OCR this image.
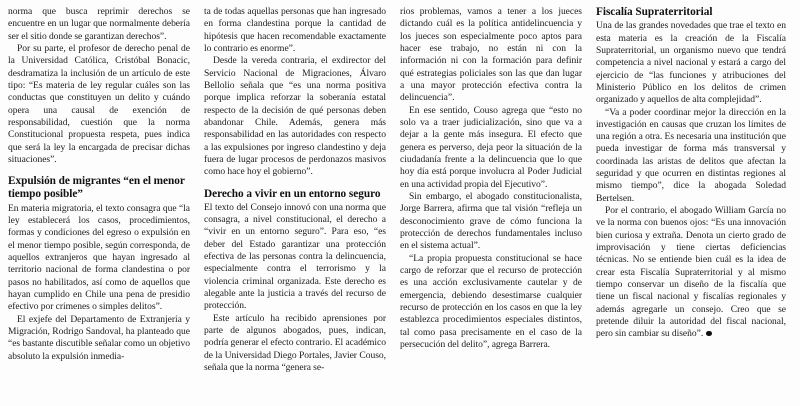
norma que busca reprimir derechos se encuentre en un lugar que normalmente debería ser el sitio donde se garantizan derechos”.

Por su parte, el profesor de derecho penal de la Universidad Católica, Cristóbal Bonacic, desdramatiza la inclusión de un artículo de este tipo: “Es materia de ley regular cuáles son las conductas que constituyen un delito y cuándo opera una causal de exención de responsabilidad, cuestión que la norma Constitucional propuesta respeta, pues indica que será la ley la encargada de precisar dichas situaciones”.

Expulsión de migrantes “en el menor tiempo posible”

En materia migratoria, el texto consagra que “la ley establecerá los casos, procedimientos, formas y condiciones del egreso o expulsión en el menor tiempo posible, según corresponda, de aquellos extranjeros que hayan ingresado al territorio nacional de forma clandestina o por pasos no habilitados, así como de aquellos que hayan cumplido en Chile una pena de presidio efectivo por crímenes o simples delitos”.

El exjefe del Departamento de Extranjería y Migración, Rodrigo Sandoval, ha planteado que “es bastante discutible señalar como un objetivo absoluto la expulsión inmedia-

ta de todas aquellas personas que han ingresado en forma clandestina porque la cantidad de hipótesis que hacen recomendable exactamente lo contrario es enorme”.

Desde la vereda contraria, el exdirector del Servicio Nacional de Migraciones, Álvaro Bellolio señala que “es una norma positiva porque implica reforzar la soberanía estatal respecto de la decisión de qué personas deben abandonar Chile. Además, genera más responsabilidad en las autoridades con respecto a las expulsiones por ingreso clandestino y deja fuera de lugar procesos de perdonazos masivos como hace hoy el gobierno”.

Derecho a vivir en un entorno seguro

El texto del Consejo innovó con una norma que consagra, a nivel constitucional, el derecho a “vivir en un entorno seguro”. Para eso, “es deber del Estado garantizar una protección efectiva de las personas contra la delincuencia, especialmente contra el terrorismo y la violencia criminal organizada. Este derecho es alegable ante la justicia a través del recurso de protección.

Este artículo ha recibido aprensiones por parte de algunos abogados, pues, indican, podría generar el efecto contrario. El académico de la Universidad Diego Portales, Javier Couso, señala que la norma “genera se-

rios problemas, vamos a tener a los jueces dictando cuál es la política antidelincuencia y los jueces son especialmente poco aptos para hacer ese trabajo, no están ni con la información ni con la formación para definir qué estrategias policiales son las que dan lugar a una mayor protección efectiva contra la delincuencia”.

En ese sentido, Couso agrega que “esto no solo va a traer judicialización, sino que va a dejar a la gente más insegura. El efecto que genera es perverso, deja peor la situación de la ciudadanía frente a la delincuencia que lo que hoy día está porque involucra al Poder Judicial en una actividad propia del Ejecutivo”.

Sin embargo, el abogado constitucionalista, Jorge Barrera, afirma que tal visión “refleja un desconocimiento grave de cómo funciona la protección de derechos fundamentales incluso en el sistema actual”.

“La propia propuesta constitucional se hace cargo de reforzar que el recurso de protección es una acción exclusivamente cautelar y de emergencia, debiendo desestimarse cualquier recurso de protección en los casos en que la ley establezca procedimientos especiales distintos, tal como pasa precisamente en el caso de la persecución del delito”, agrega Barrera.

Fiscalía Supraterritorial

Una de las grandes novedades que trae el texto en esta materia es la creación de la Fiscalía Supraterritorial, un organismo nuevo que tendrá competencia a nivel nacional y estará a cargo del ejercicio de “las funciones y atribuciones del Ministerio Público en los delitos de crimen organizado y aquellos de alta complejidad”.

“Va a poder coordinar mejor la dirección en la investigación en causas que cruzan los límites de una región a otra. Es necesaria una institución que pueda investigar de forma más transversal y coordinada las aristas de delitos que afectan la seguridad y que ocurren en distintas regiones al mismo tiempo”, dice la abogada Soledad Bertelsen.

Por el contrario, el abogado William García no ve la norma con buenos ojos: “Es una innovación bien curiosa y extraña. Denota un cierto grado de improvisación y tiene ciertas deficiencias técnicas. No se entiende bien cuál es la idea de crear esta Fiscalía Supraterritorial y al mismo tiempo conservar un diseño de la fiscalía que tiene un fiscal nacional y fiscalías regionales y además agregarle un consejo. Creo que se pretende diluir la autoridad del fiscal nacional, pero sin cambiar su diseño”.
